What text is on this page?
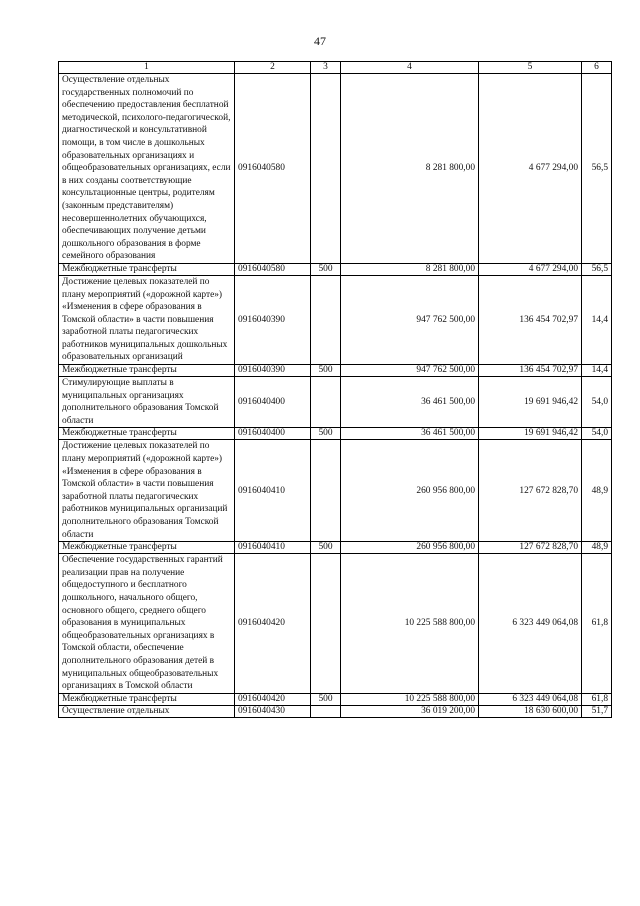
47
1	2	3	4	5	6
Осуществление отдельных государственных полномочий по обеспечению предоставления бесплатной методической, психолого-педагогической, диагностической и консультативной помощи, в том числе в дошкольных образовательных организациях и общеобразовательных организациях, если в них созданы соответствующие консультационные центры, родителям (законным представителям) несовершеннолетних обучающихся, обеспечивающих получение детьми дошкольного образования в форме семейного образования	0916040580		8 281 800,00	4 677 294,00	56,5
Межбюджетные трансферты	0916040580	500	8 281 800,00	4 677 294,00	56,5
Достижение целевых показателей по плану мероприятий («дорожной карте») «Изменения в сфере образования в Томской области» в части повышения заработной платы педагогических работников муниципальных дошкольных образовательных организаций	0916040390		947 762 500,00	136 454 702,97	14,4
Межбюджетные трансферты	0916040390	500	947 762 500,00	136 454 702,97	14,4
Стимулирующие выплаты в муниципальных организациях дополнительного образования Томской области	0916040400		36 461 500,00	19 691 946,42	54,0
Межбюджетные трансферты	0916040400	500	36 461 500,00	19 691 946,42	54,0
Достижение целевых показателей по плану мероприятий («дорожной карте») «Изменения в сфере образования в Томской области» в части повышения заработной платы педагогических работников муниципальных организаций дополнительного образования Томской области	0916040410		260 956 800,00	127 672 828,70	48,9
Межбюджетные трансферты	0916040410	500	260 956 800,00	127 672 828,70	48,9
Обеспечение государственных гарантий реализации прав на получение общедоступного и бесплатного дошкольного, начального общего, основного общего, среднего общего образования в муниципальных общеобразовательных организациях в Томской области, обеспечение дополнительного образования детей в муниципальных общеобразовательных организациях в Томской области	0916040420		10 225 588 800,00	6 323 449 064,08	61,8
Межбюджетные трансферты	0916040420	500	10 225 588 800,00	6 323 449 064,08	61,8
Осуществление отдельных	0916040430		36 019 200,00	18 630 600,00	51,7
